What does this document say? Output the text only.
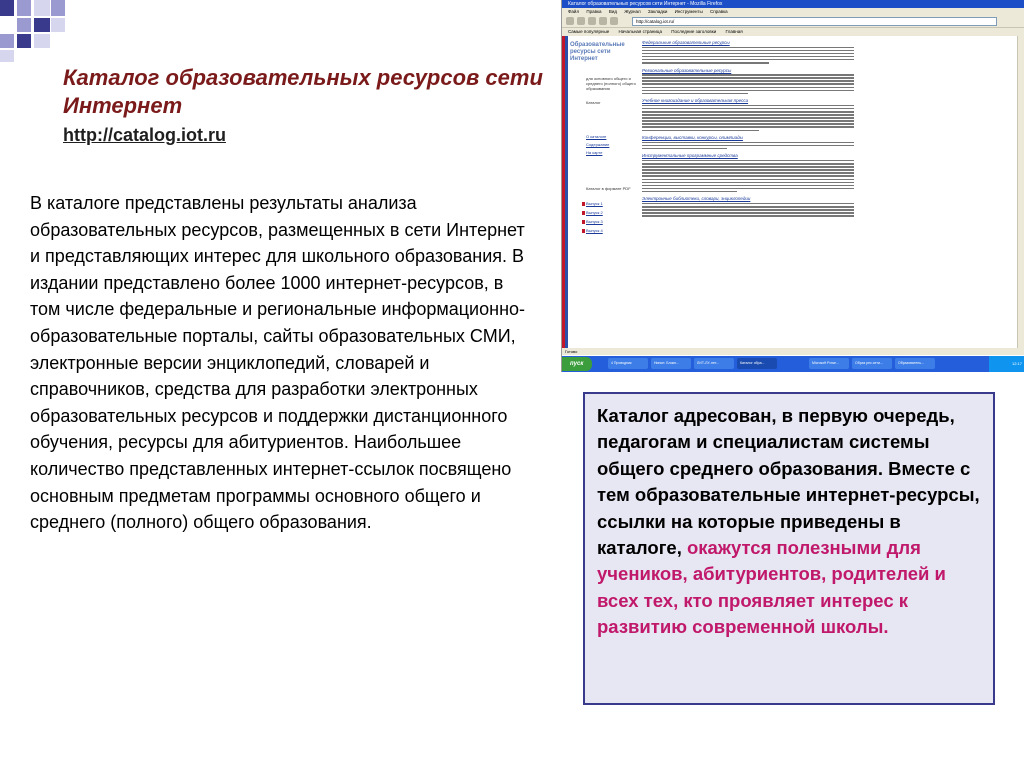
Каталог образовательных ресурсов сети Интернет
http://catalog.iot.ru
В каталоге представлены результаты анализа образовательных ресурсов, размещенных в сети Интернет и представляющих интерес для школьного образования. В издании представлено более 1000 интернет-ресурсов, в том числе федеральные и региональные информационно-образовательные порталы, сайты образовательных СМИ, электронные версии энциклопедий, словарей и справочников, средства для разработки электронных образовательных ресурсов и поддержки дистанционного обучения, ресурсы для абитуриентов. Наибольшее количество представленных интернет-ссылок посвящено основным предметам программы основного общего и среднего (полного) общего образования.
Каталог адресован, в первую очередь, педагогам и специалистам системы общего среднего образования. Вместе с тем образовательные интернет-ресурсы, ссылки на которые приведены в каталоге, окажутся полезными для учеников, абитуриентов, родителей и всех тех, кто проявляет интерес к развитию современной школы.
Каталог образовательных ресурсов сети Интернет - Mozilla Firefox
Файл Правка Вид Журнал Закладки Инструменты Справка
http://catalog.iot.ru/
Самые популярные Начальная страница Последние заголовки Главная
Образовательные ресурсы сети Интернет
для основного общего и среднего (полного) общего образования
Каталог
О каталоге
Содержание
На карте
Каталог в формате PDF
Выпуск 1
Выпуск 2
Выпуск 3
Выпуск 4
Федеральные образовательные ресурсы
Региональные образовательные ресурсы
Учебное книгоиздание и образовательная пресса
Конференции, выставки, конкурсы, олимпиады
Инструментальные программные средства
Электронные библиотеки, словари, энциклопедии
Готово
пуск	4 Проводник	Нинон: Блокн...	ЛИТ-ЛУ..нет...	Каталог обра...	Microsoft Powe...	Образ рес.сети...	Образователь...	12:17
